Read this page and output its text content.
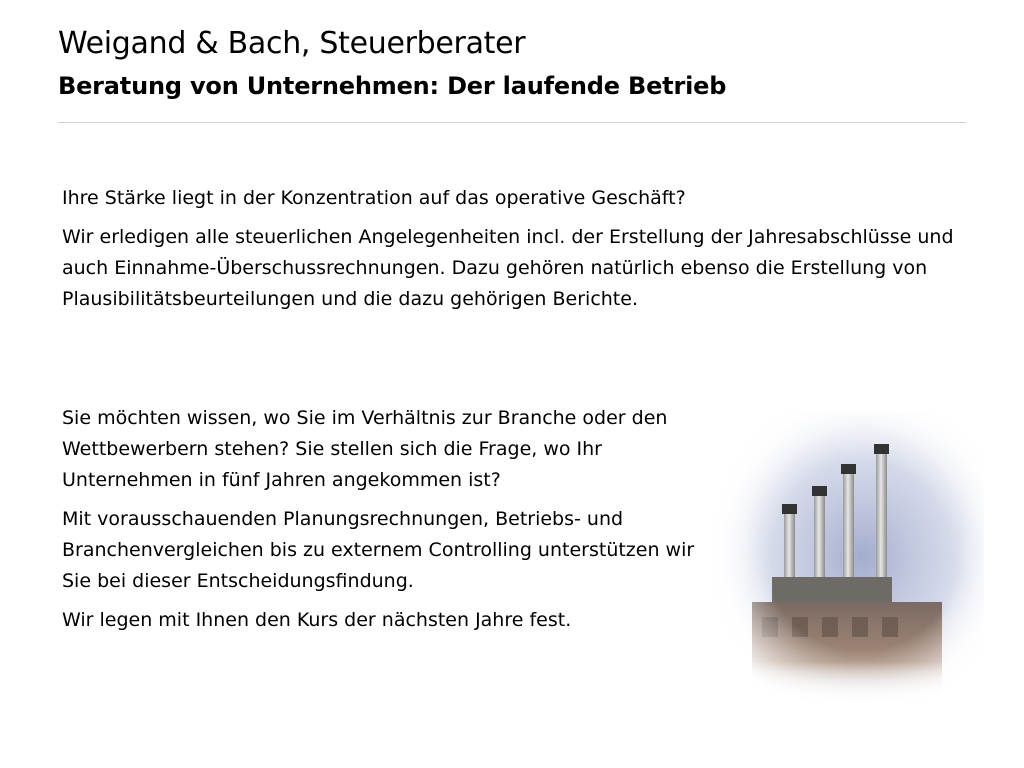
Weigand & Bach, Steuerberater
Beratung von Unternehmen: Der laufende Betrieb

Ihre Stärke liegt in der Konzentration auf das operative Geschäft?

Wir erledigen alle steuerlichen Angelegenheiten incl. der Erstellung der Jahresabschlüsse und auch Einnahme-Überschussrechnungen. Dazu gehören natürlich ebenso die Erstellung von Plausibilitätsbeurteilungen und die dazu gehörigen Berichte.

Sie möchten wissen, wo Sie im Verhältnis zur Branche oder den Wettbewerbern stehen? Sie stellen sich die Frage, wo Ihr Unternehmen in fünf Jahren angekommen ist?

Mit vorausschauenden Planungsrechnungen, Betriebs- und Branchenvergleichen bis zu externem Controlling unterstützen wir Sie bei dieser Entscheidungsfindung.

Wir legen mit Ihnen den Kurs der nächsten Jahre fest.
